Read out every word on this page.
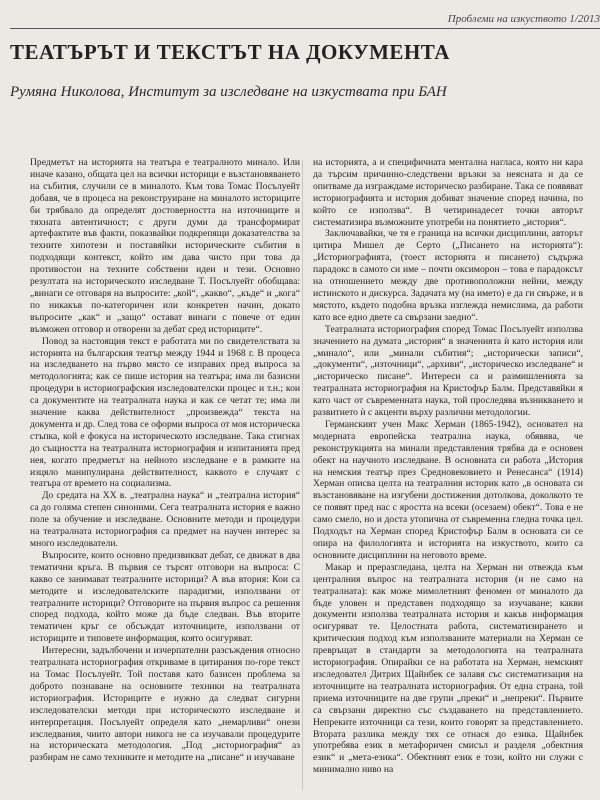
Проблеми на изкуството 1/2013
ТЕАТЪРЪТ И ТЕКСТЪТ НА ДОКУМЕНТА
Румяна Николова, Институт за изследване на изкуствата при БАН

Предметът на историята на театъра е театралното минало. Или иначе казано, общата цел на всички историци е възстановяването на събития, случили се в миналото. Към това Томас Посълуейт добавя, че в процеса на реконструиране на миналото историците би трябвало да определят достоверността на източниците и тяхната автентичност; с други думи да трансформират артефактите във факти, показвайки подкрепящи доказателства за техните хипотези и поставяйки историческите събития в подходящи контекст, който им дава чисто при това да противостои на техните собствени идеи и тези. Основно резултата на историческото изследване Т. Посълуейт обобщава: „винаги се отговаря на въпросите: „кой“, „какво“, „къде“ и „кога“ по никакъв по-категоричен или конкретен начин, докато въпросите „как“ и „защо“ остават винаги с повече от един възможен отговор и отворени за дебат сред историците“.

Повод за настоящия текст е работата ми по свидетелствата за историята на българския театър между 1944 и 1968 г. В процеса на изследването на първо място се изправих пред въпроса за методологията; как се пише история на театъра; има ли базисни процедури в историографския изследователски процес и т.н.; кои са документите на театралната наука и как се четат те; има ли значение каква действителност „произвежда“ текста на документа и др. След това се оформи въпроса от моя историческа стъпка, кой е фокуса на историческото изследване. Така стигнах до същността на театралната историография и изпитанията пред нея, когато предметът на нейното изследване е в рамките на изцяло манипулирана действителност, каквото е случаят с театъра от времето на социализма.

До средата на XX в. „театрална наука“ и „театрална история“ са до голяма степен синоними. Сега театралната история е важно поле за обучение и изследване. Основните методи и процедури на театралната историография са предмет на научен интерес за много изследователи.

Въпросите, които основно предизвикват дебат, се движат в два тематични кръга. В първия се търсят отговори на въпроса: С какво се занимават театралните историци? А във втория: Кои са методите и изследователските парадигми, използвани от театралните историци? Отговорите на първия въпрос са решения според подхода, който може да бъде следван. Във вторите тематичен кръг се обсъждат източниците, използвани от историците и типовете информация, която осигуряват.

Интересни, задълбочени и изчерпателни разсъждения относно театралната историография откриваме в цитирания по-горе текст на Томас Посълуейт. Той поставя като базисен проблема за доброто познаване на основните техники на театралната историография. Историците е нужно да следват сигурни изследователски методи при историческото изследване и интерпретация. Посълуейт определя като „немарливи“ онези изследвания, чиито автори никога не са изучавали процедурите на историческата методология. „Под „историография“ аз разбирам не само техниките и методите на „писане“ и изучаване

на историята, а и специфичната ментална нагласа, която ни кара да търсим причинно-следствени връзки за неясната и да се опитваме да изграждаме историческо разбиране. Така се появяват историографията и история добиват значение според начина, по който се използва“. В четиринадесет точки авторът систематизира възможните употреби на понятието „история“.

Заключавайки, че тя е граница на всички дисциплини, авторът цитира Мишел де Серто („Писането на историята“): „Историографията, (тоест историята и писането) съдържа парадокс в самото си име – почти оксиморон – това е парадоксът на отношението между две противоположни нейни, между истинското и дискурса. Задачата му (на името) е да ги свърже, и в мястото, където подобна връзка изглежда немислима, да работи като все едно двете са свързани заедно“.

Театралната историография според Томас Посълуейт използва значението на думата „история“ в значенията ѝ като история или „минало“, или „минали събития“; „исторически записи“, „документи“, „източници“, „архиви“, „историческо изследване“ и „историческо писане“. Интереси са и размишленията за театралната историография на Кристофър Балм. Представяйки я като част от съвременната наука, той проследява възникването и развитието ѝ с акценти върху различни методологии.

Германският учен Макс Херман (1865-1942), основател на модерната европейска театрална наука, обявява, че реконструкцията на минали представления трябва да е основен обект на научното изследване. В основната си работа „История на немския театър през Средновековието и Ренесанса“ (1914) Херман описва целта на театралния историк като „в основата си възстановяване на изгубени достижения дотолкова, доколкото те се появят пред нас с яростта на всеки (осезаем) обект“. Това е не само смело, но и доста утопична от съвременна гледна точка цел. Подходът на Херман според Кристофър Балм в основата си се опира на филологията и историята на изкуството, които са основните дисциплини на неговото време.

Макар и преразгледана, целта на Херман ни отвежда към централния въпрос на театралната история (и не само на театралната): как може мимолетният феномен от миналото да бъде уловен и представен подходящо за изучаване; какви документи използва театралната история и какъв информация осигуряват те. Целостната работа, систематизирането и критическия подход към използваните материали на Херман се превръщат в стандарти за методологията на театралната историография. Опирайки се на работата на Херман, немският изследовател Дитрих Щайнбек се залавя със систематизация на източниците на театралната историография. От една страна, той приема източниците на две групи „преки“ и „непреки“. Първите са свързани директно със създаването на представлението. Непреките източници са тези, които говорят за представлението. Втората разлика между тях се отнася до езика. Щайнбек употребява език в метафоричен смисъл и разделя „обектния език“ и „мета-езика“. Обектният език е този, който ни служи с минимално ниво на
